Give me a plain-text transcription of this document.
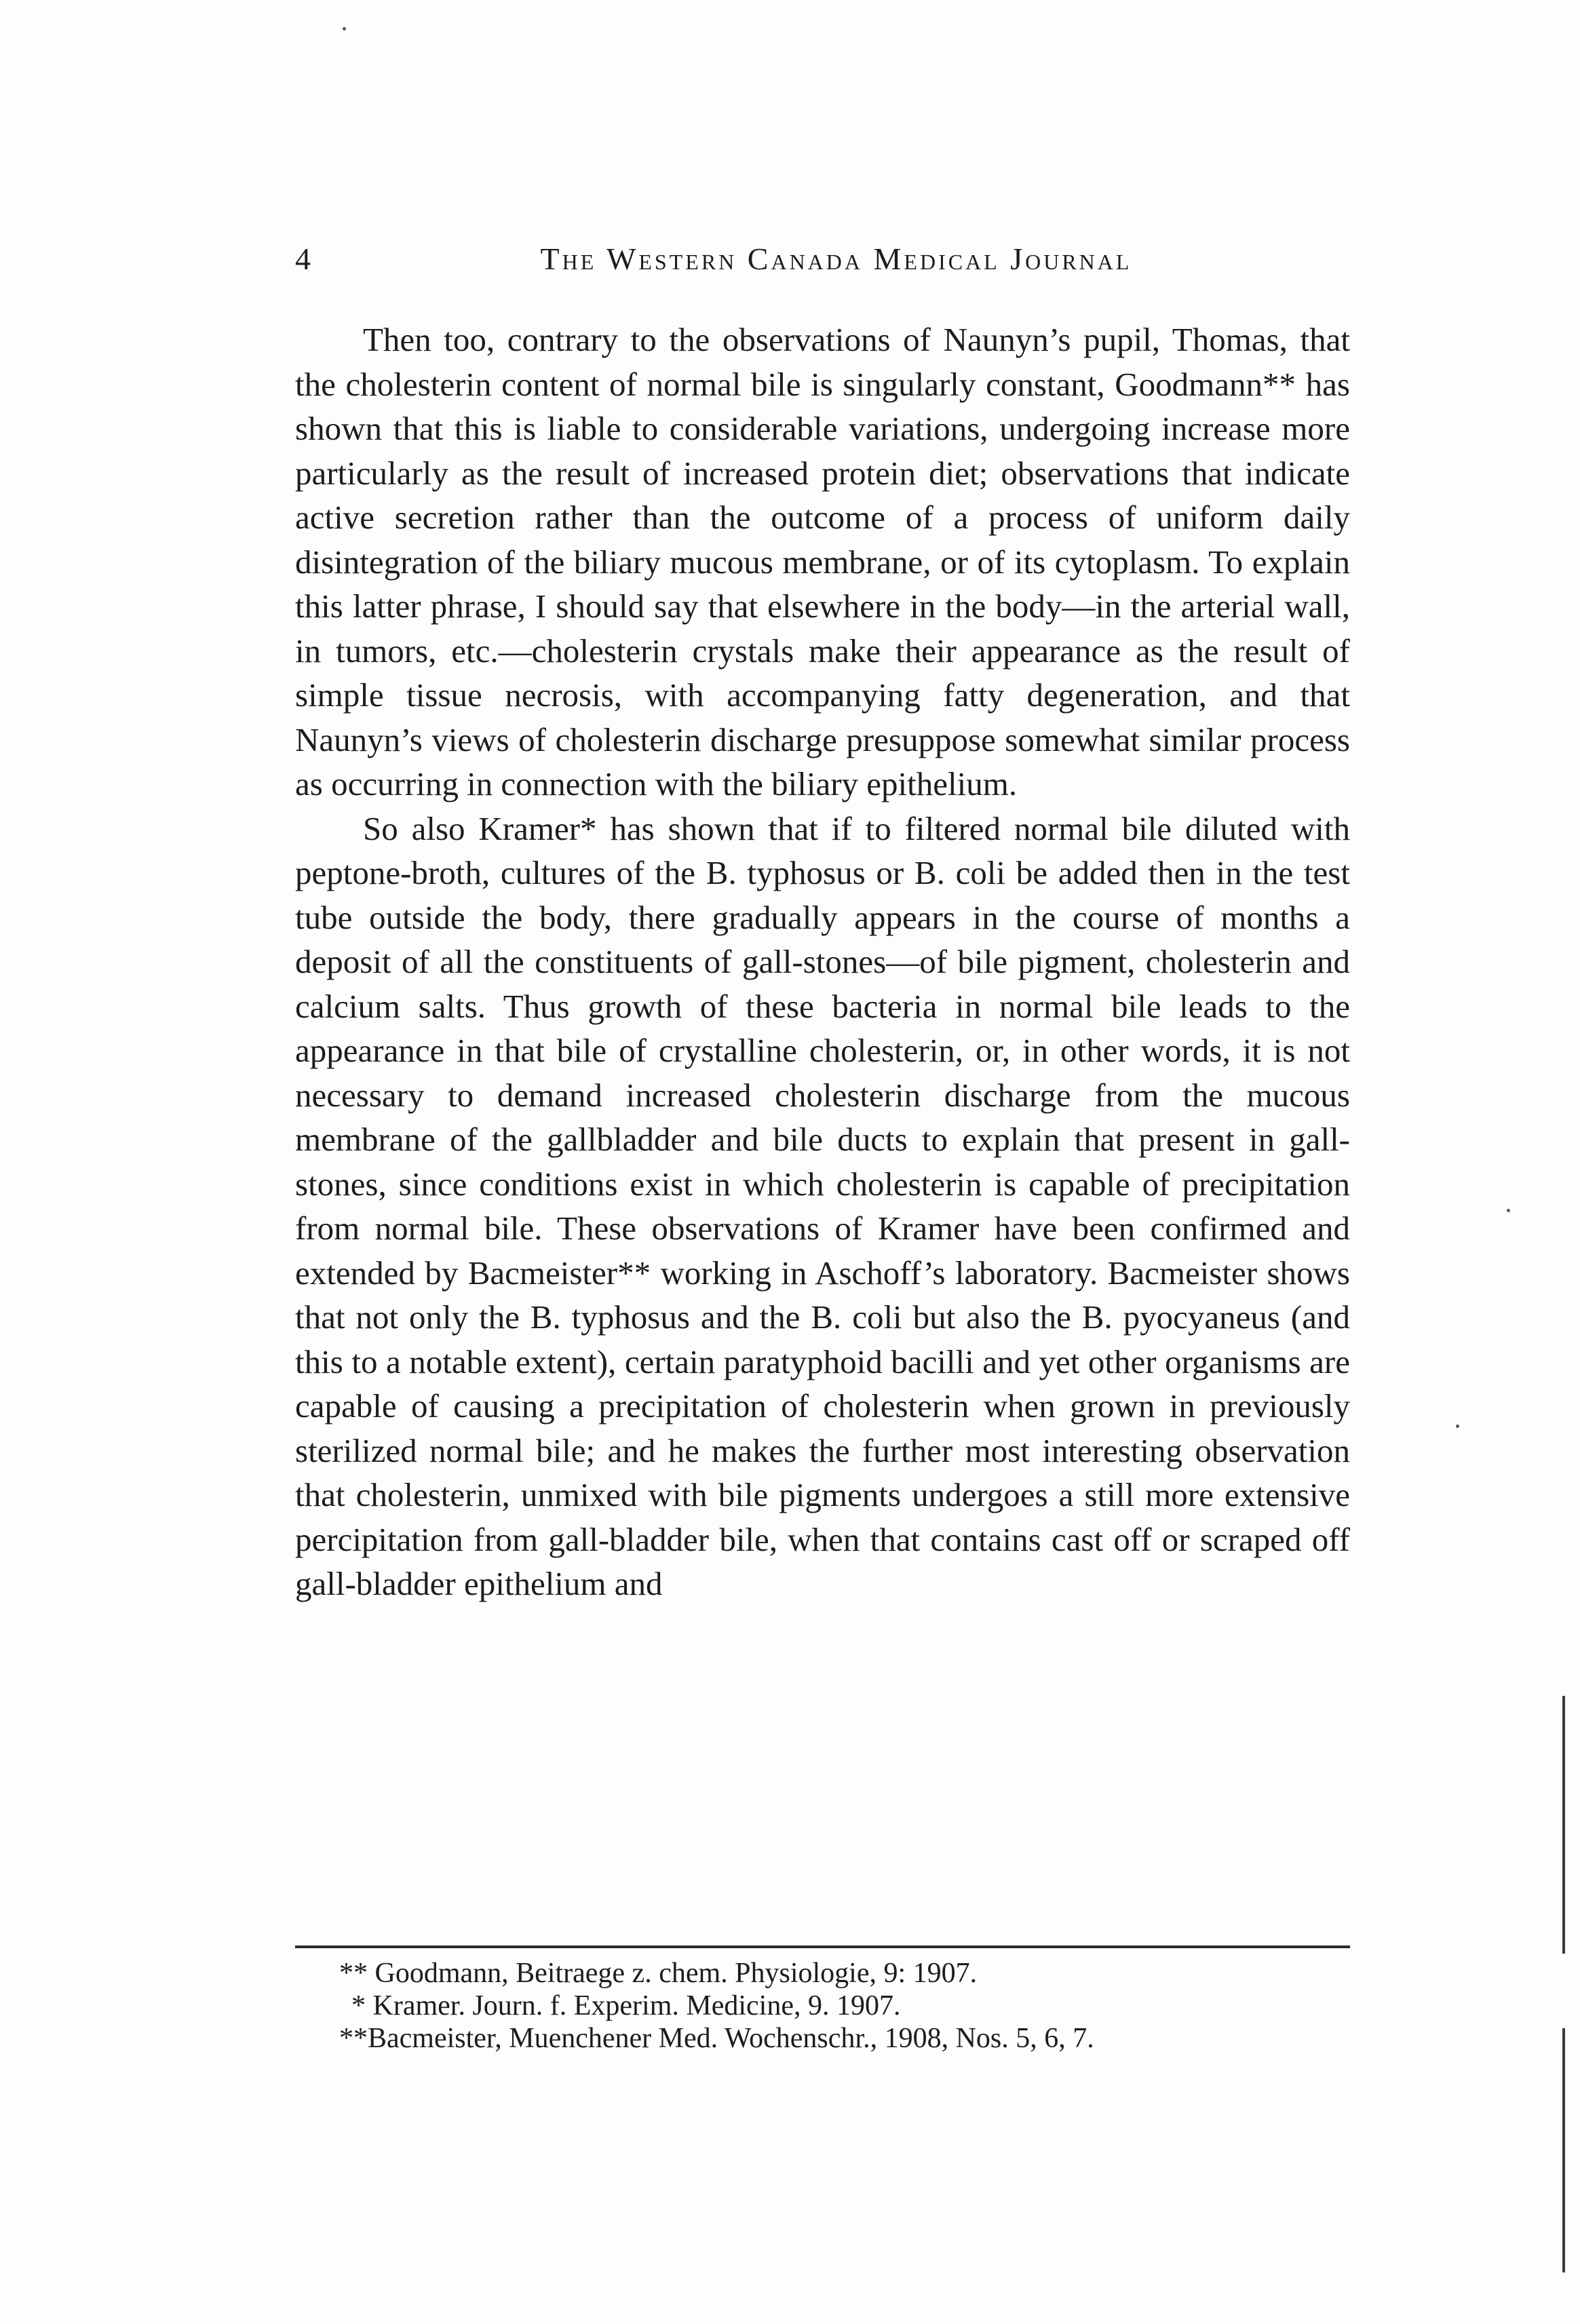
4	The Western Canada Medical Journal

Then too, contrary to the observations of Naunyn’s pupil, Thomas, that the cholesterin content of normal bile is singularly constant, Goodmann** has shown that this is liable to considerable variations, undergoing increase more particularly as the result of increased protein diet; observations that indicate active secretion rather than the outcome of a process of uniform daily disintegration of the biliary mucous membrane, or of its cytoplasm. To explain this latter phrase, I should say that elsewhere in the body—in the arterial wall, in tumors, etc.—cholesterin crystals make their appearance as the result of simple tissue necrosis, with accompanying fatty degeneration, and that Naunyn’s views of cholesterin discharge presuppose somewhat similar process as occurring in connection with the biliary epithelium.

So also Kramer* has shown that if to filtered normal bile diluted with peptone-broth, cultures of the B. typhosus or B. coli be added then in the test tube outside the body, there gradually appears in the course of months a deposit of all the constituents of gall-stones—of bile pigment, cholesterin and calcium salts. Thus growth of these bacteria in normal bile leads to the appearance in that bile of crystalline cholesterin, or, in other words, it is not necessary to demand increased cholesterin discharge from the mucous membrane of the gallbladder and bile ducts to explain that present in gall-stones, since conditions exist in which cholesterin is capable of precipitation from normal bile. These observations of Kramer have been confirmed and extended by Bacmeister** working in Aschoff’s laboratory. Bacmeister shows that not only the B. typhosus and the B. coli but also the B. pyocyaneus (and this to a notable extent), certain paratyphoid bacilli and yet other organisms are capable of causing a precipitation of cholesterin when grown in previously sterilized normal bile; and he makes the further most interesting observation that cholesterin, unmixed with bile pigments undergoes a still more extensive percipitation from gall-bladder bile, when that contains cast off or scraped off gall-bladder epithelium and

** Goodmann, Beitraege z. chem. Physiologie, 9: 1907.

* Kramer. Journ. f. Experim. Medicine, 9. 1907.

**Bacmeister, Muenchener Med. Wochenschr., 1908, Nos. 5, 6, 7.
